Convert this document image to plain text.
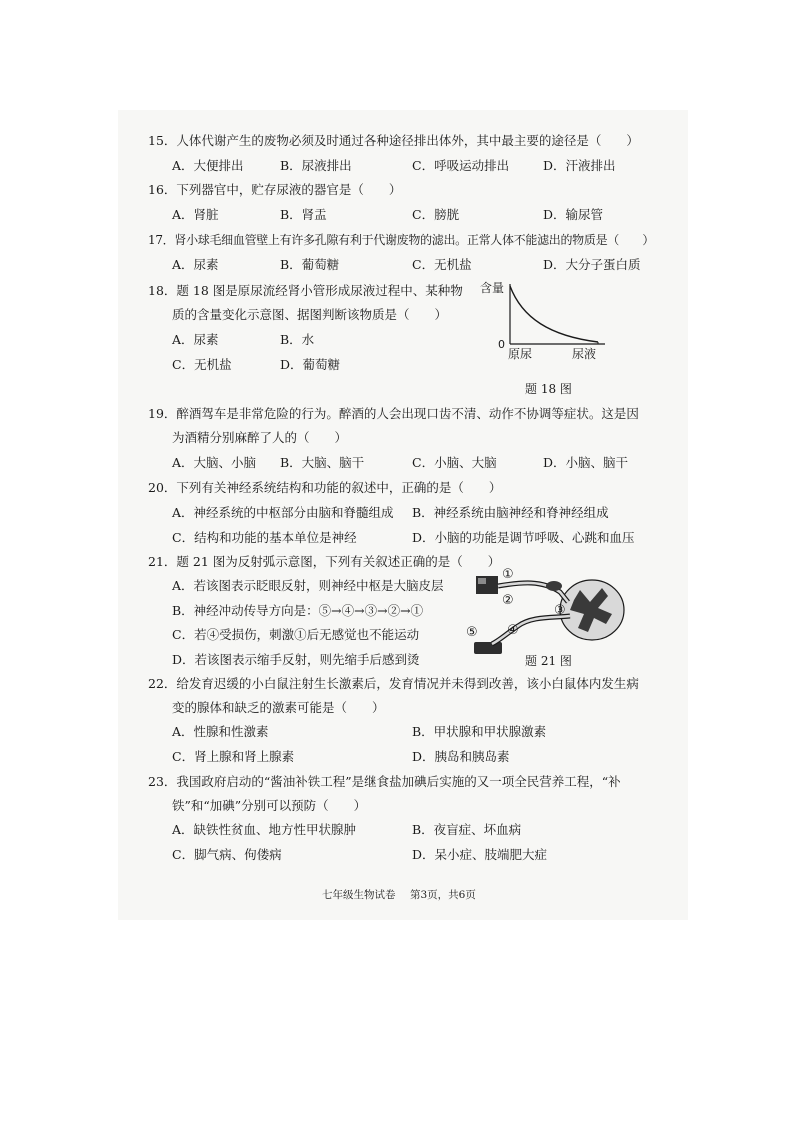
15．人体代谢产生的废物必须及时通过各种途径排出体外，其中最主要的途径是（　　）
A．大便排出	B．尿液排出	C．呼吸运动排出	D．汗液排出
16．下列器官中，贮存尿液的器官是（　　）
A．肾脏	B．肾盂	C．膀胱	D．输尿管
17．肾小球毛细血管壁上有许多孔隙有利于代谢废物的滤出。正常人体不能滤出的物质是（　　）
A．尿素	B．葡萄糖	C．无机盐	D．大分子蛋白质
18．题 18 图是原尿流经肾小管形成尿液过程中、某种物
质的含量变化示意图、据图判断该物质是（　　）
A．尿素	B．水
C．无机盐	D．葡萄糖
含量
0
原尿	尿液
题 18 图
19．醉酒驾车是非常危险的行为。醉酒的人会出现口齿不清、动作不协调等症状。这是因
为酒精分别麻醉了人的（　　）
A．大脑、小脑 B．大脑、脑干	C．小脑、大脑	D．小脑、脑干
20．下列有关神经系统结构和功能的叙述中，正确的是（　　）
A．神经系统的中枢部分由脑和脊髓组成 B．神经系统由脑神经和脊神经组成
C．结构和功能的基本单位是神经	D．小脑的功能是调节呼吸、心跳和血压
21．题 21 图为反射弧示意图，下列有关叙述正确的是（　　）
A．若该图表示眨眼反射，则神经中枢是大脑皮层
B．神经冲动传导方向是：⑤→④→③→②→①
C．若④受损伤，刺激①后无感觉也不能运动
D．若该图表示缩手反射，则先缩手后感到烫
①
②
③
④
⑤
题 21 图
22．给发育迟缓的小白鼠注射生长激素后，发育情况并未得到改善，该小白鼠体内发生病
变的腺体和缺乏的激素可能是（　　）
A．性腺和性激素	B．甲状腺和甲状腺激素
C．肾上腺和肾上腺素	D．胰岛和胰岛素
23．我国政府启动的“酱油补铁工程”是继食盐加碘后实施的又一项全民营养工程，“补
铁”和“加碘”分别可以预防（　　）
A．缺铁性贫血、地方性甲状腺肿	B．夜盲症、坏血病
C．脚气病、佝偻病	D．呆小症、肢端肥大症
七年级生物试卷 第3页，共6页
